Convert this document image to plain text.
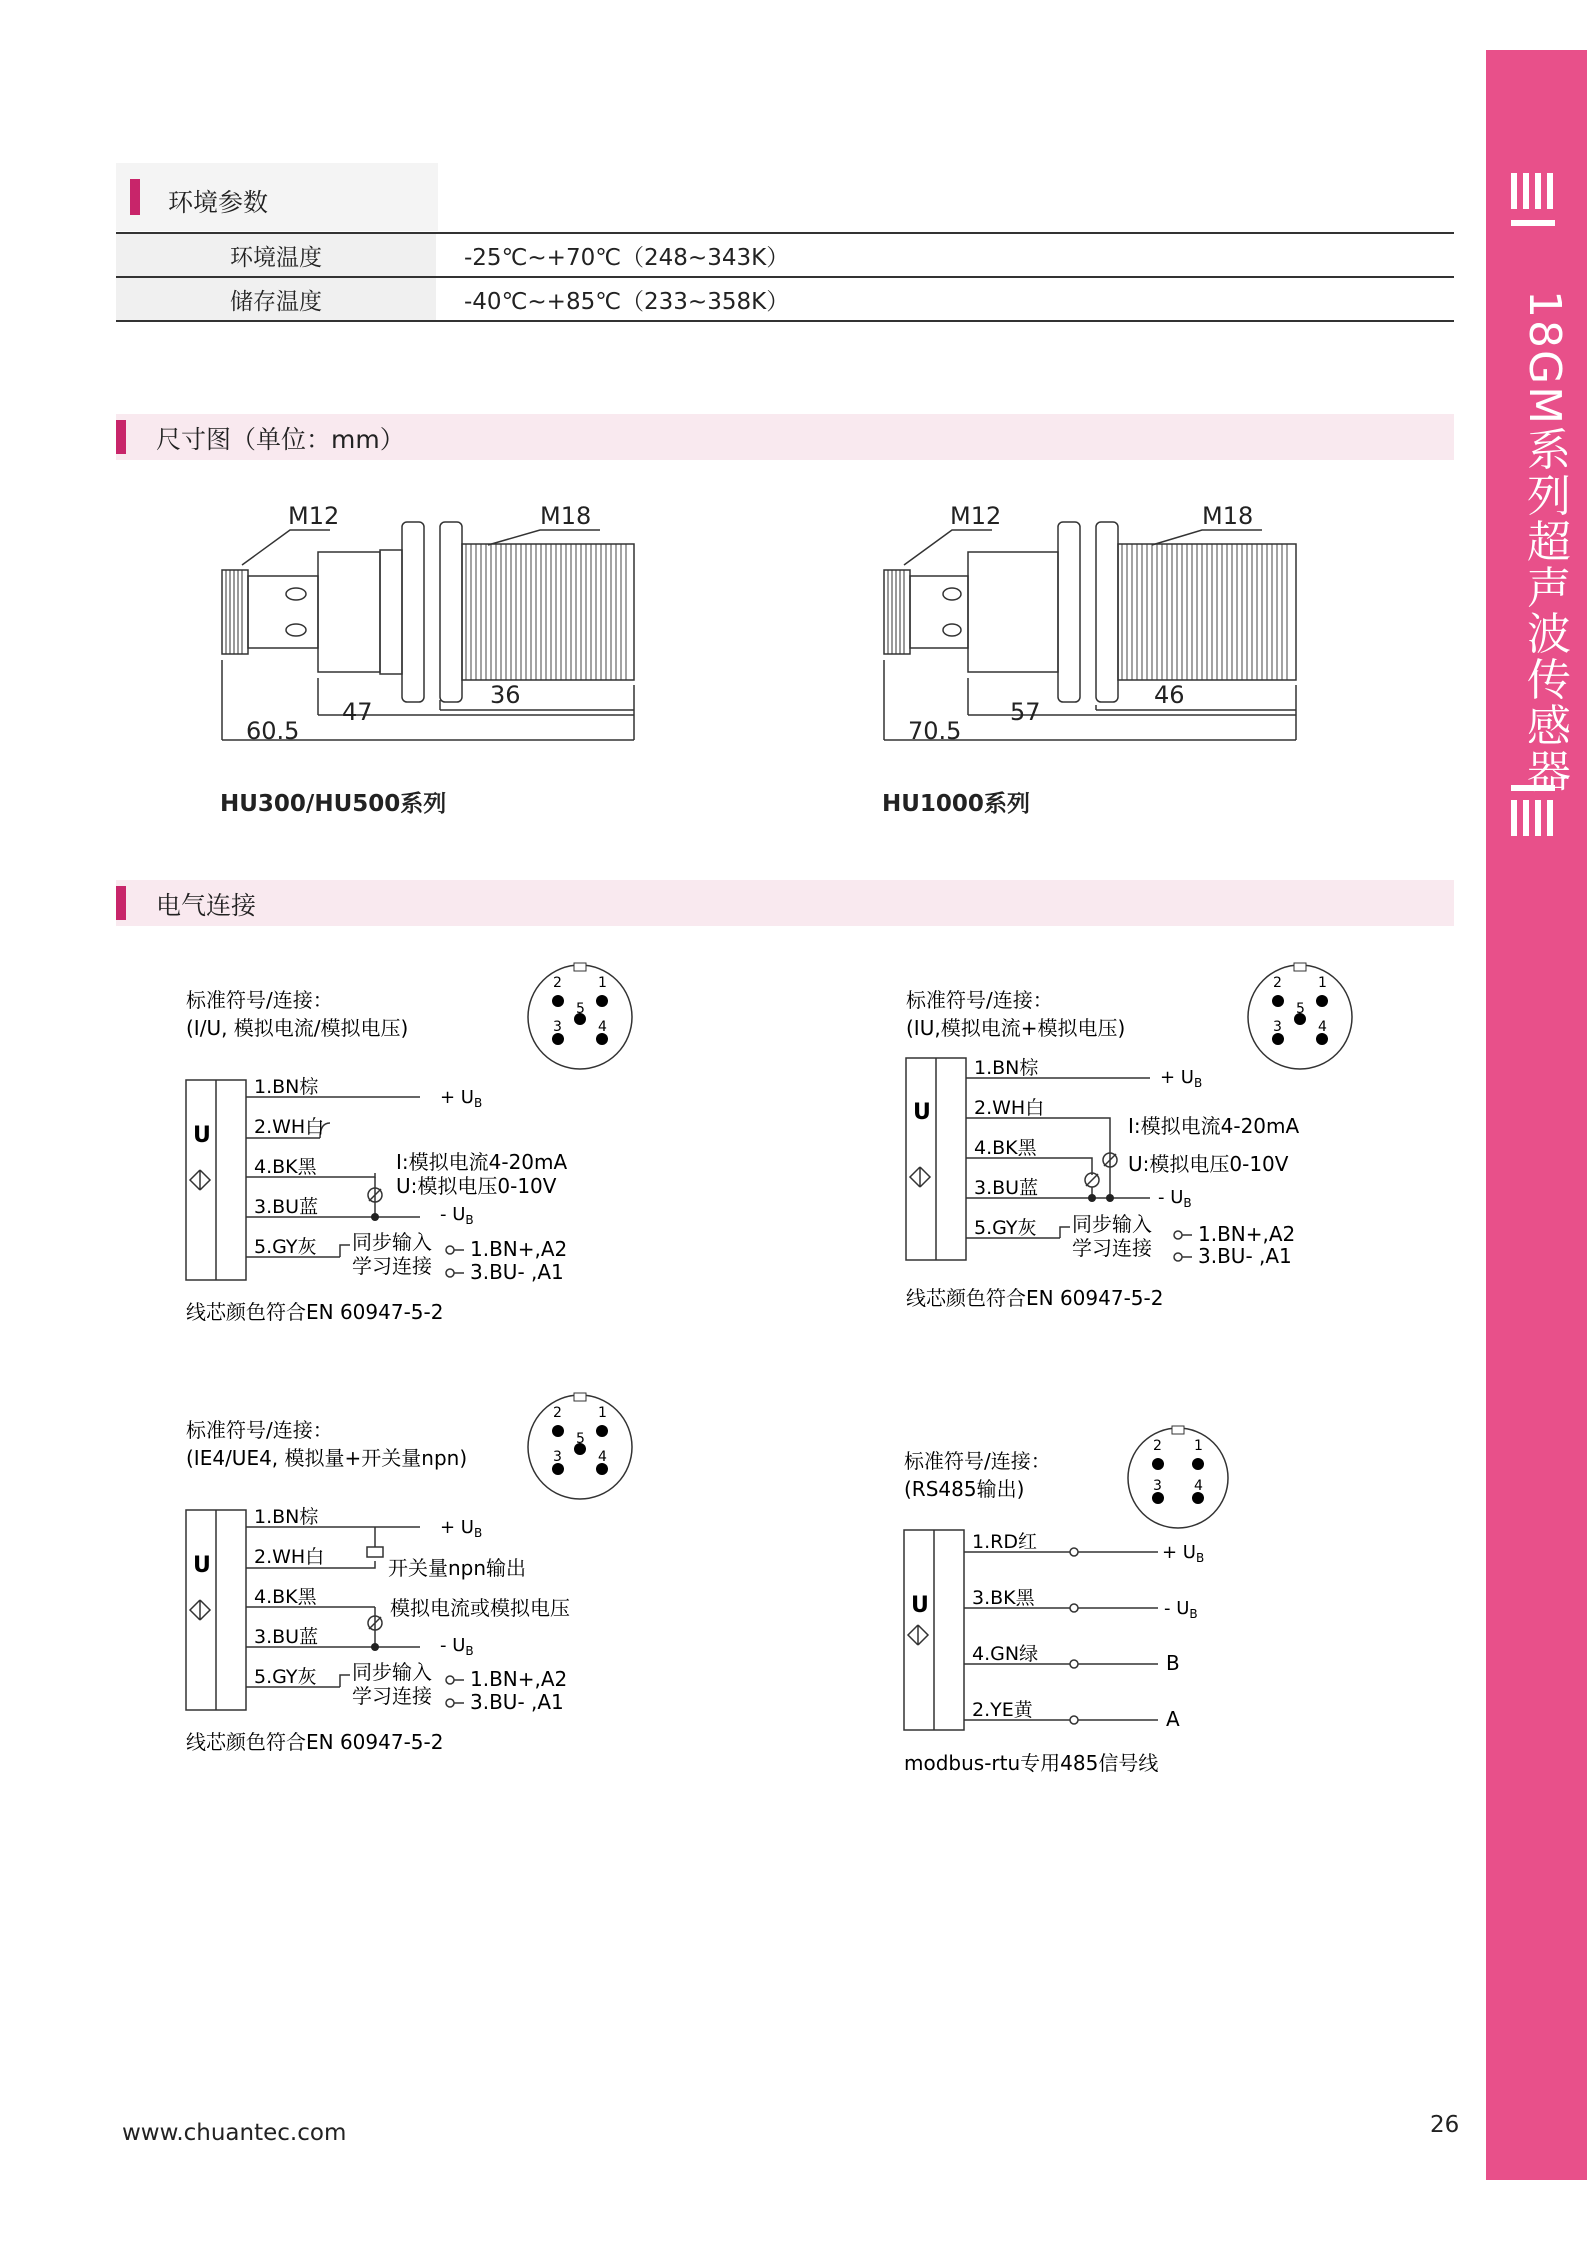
18GM系列超声波传感器
环境参数
环境温度	-25℃~+70℃（248~343K）
储存温度	-40℃~+85℃（233~358K）
尺寸图（单位：mm）
M12	M18
36
47
60.5
HU300/HU500系列
M12	M18
46
57
70.5
HU1000系列
电气连接
标准符号/连接：
(I/U, 模拟电流/模拟电压)
2	1
5
3	4
U
1.BN棕
2.WH白
4.BK黑
3.BU蓝
5.GY灰
+ $U_B$
- $U_B$
I:模拟电流4-20mA
U:模拟电压0-10V
同步输入
学习连接
1.BN+,A2
3.BU- ,A1
线芯颜色符合EN 60947-5-2
标准符号/连接：
(IU,模拟电流+模拟电压)
2	1
5
3	4
U
1.BN棕
2.WH白
4.BK黑
3.BU蓝
5.GY灰
+ $U_B$
- $U_B$
I:模拟电流4-20mA
U:模拟电压0-10V
同步输入
学习连接
1.BN+,A2
3.BU- ,A1
线芯颜色符合EN 60947-5-2
标准符号/连接：
(IE4/UE4, 模拟量+开关量npn)
2	1
5
3	4
U
1.BN棕
2.WH白
4.BK黑
3.BU蓝
5.GY灰
+ $U_B$
- $U_B$
开关量npn输出
模拟电流或模拟电压
同步输入
学习连接
1.BN+,A2
3.BU- ,A1
线芯颜色符合EN 60947-5-2
标准符号/连接：
(RS485输出)
2 1
3 4
U
1.RD红
3.BK黑
4.GN绿
2.YE黄
+ $U_B$
- $U_B$
B
A
modbus-rtu专用485信号线
www.chuantec.com	26
